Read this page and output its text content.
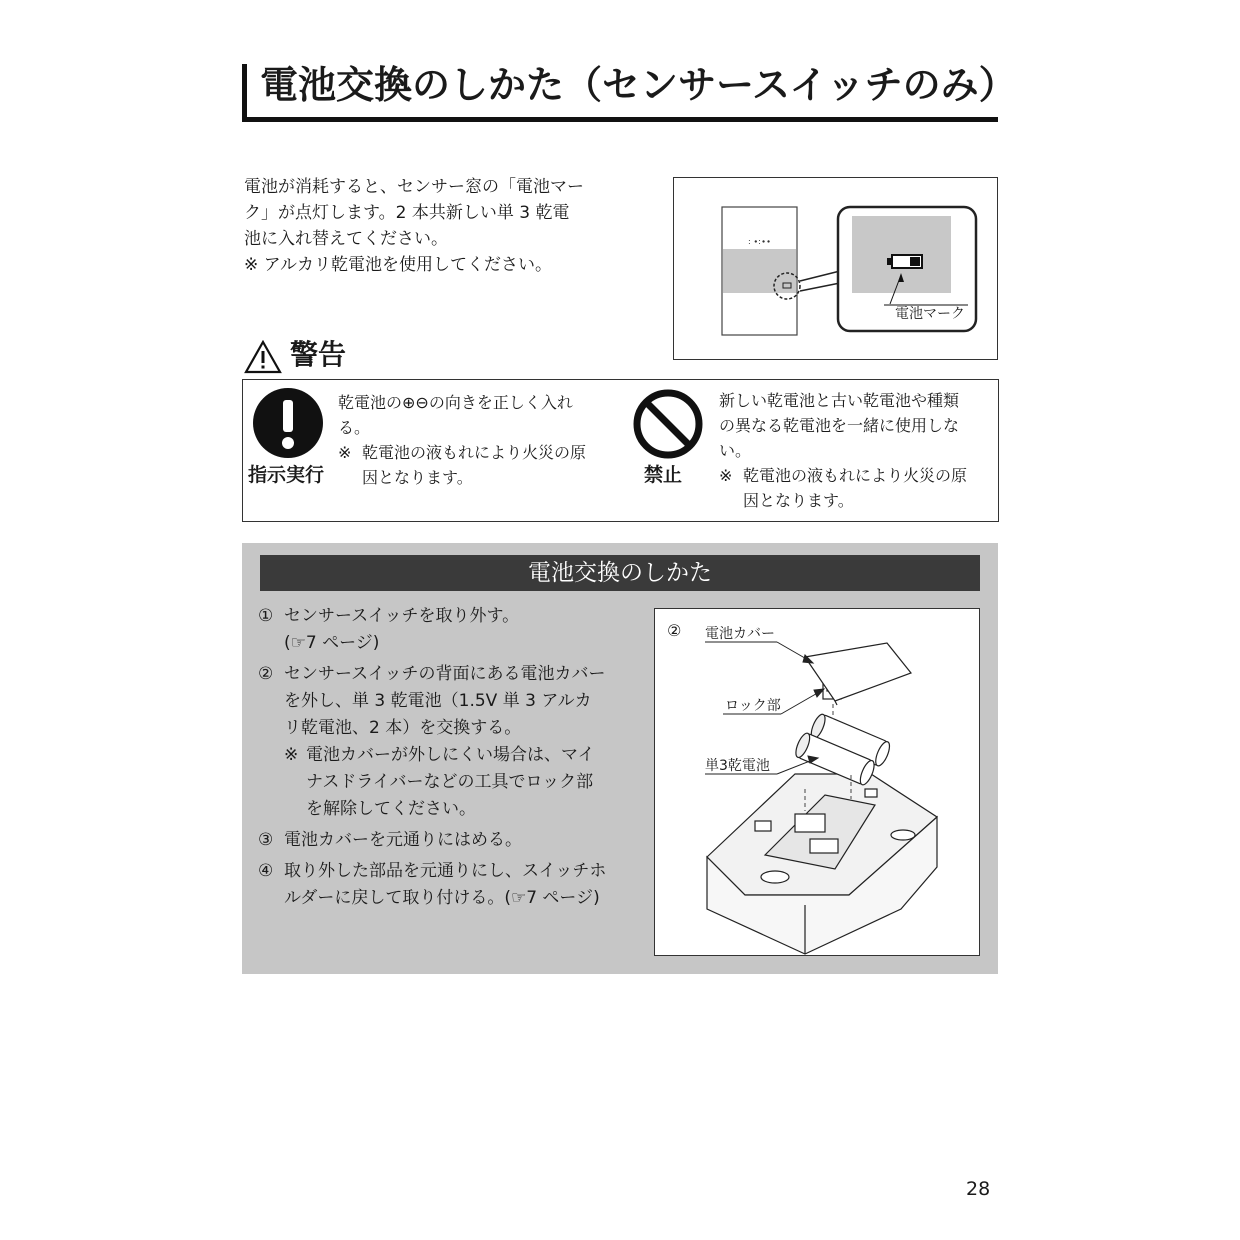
電池交換のしかた（センサースイッチのみ）

電池が消耗すると、センサー窓の「電池マー

ク」が点灯します。2 本共新しい単 3 乾電

池に入れ替えてください。

※ アルカリ乾電池を使用してください。

: ∙:∙∙
電池マーク
警告
指示実行

乾電池の⊕⊖の向きを正しく入れ

る。

※ 乾電池の液もれにより火災の原

因となります。	禁止

新しい乾電池と古い乾電池や種類

の異なる乾電池を一緒に使用しな

い。

※ 乾電池の液もれにより火災の原

因となります。

電池交換のしかた
① センサースイッチを取り外す。

(☞7 ページ)

② センサースイッチの背面にある電池カバー

を外し、単 3 乾電池（1.5V 単 3 アルカ

リ乾電池、2 本）を交換する。

※ 電池カバーが外しにくい場合は、マイ

ナスドライバーなどの工具でロック部

を解除してください。

③ 電池カバーを元通りにはめる。

④ 取り外した部品を元通りにし、スイッチホ

ルダーに戻して取り付ける。(☞7 ページ)

② 電池カバー
ロック部
単3乾電池
28
